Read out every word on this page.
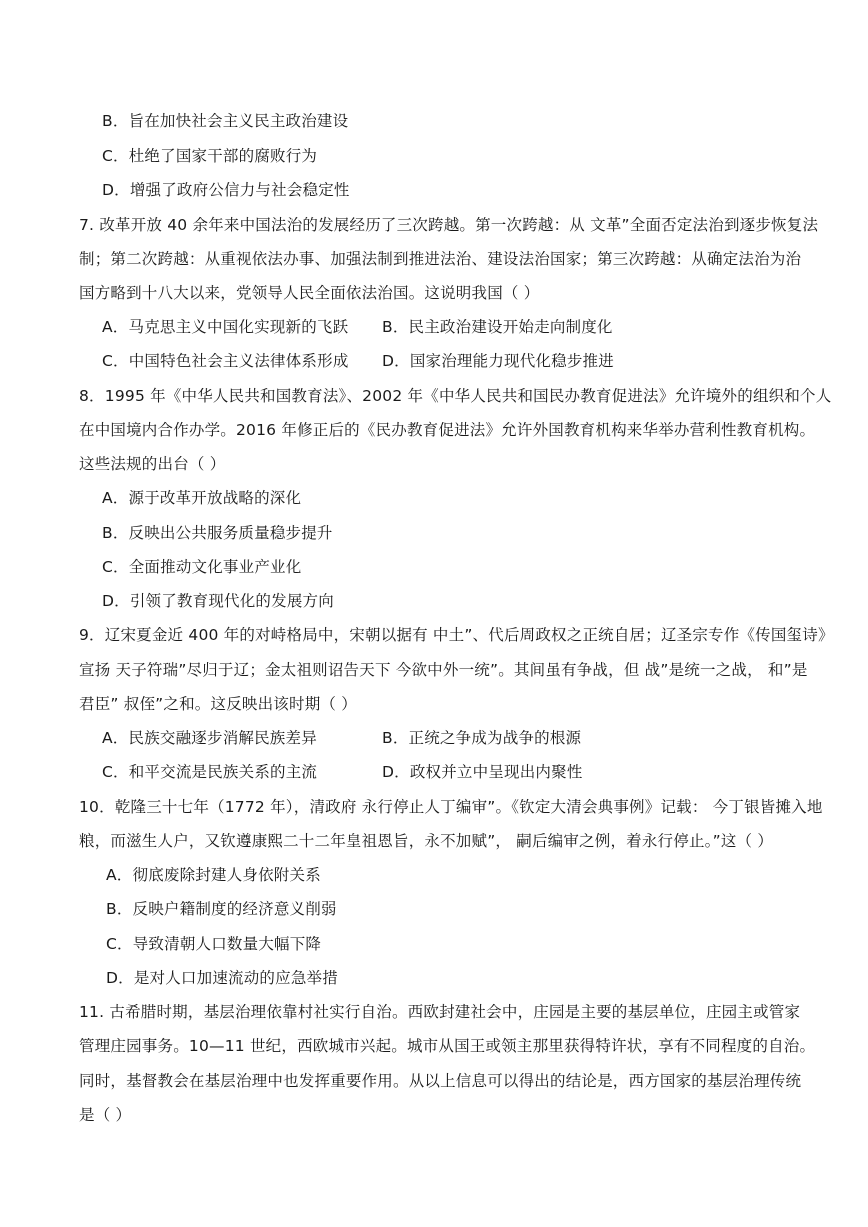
B．旨在加快社会主义民主政治建设
C．杜绝了国家干部的腐败行为
D．增强了政府公信力与社会稳定性
7. 改革开放 40 余年来中国法治的发展经历了三次跨越。第一次跨越：从 文革”全面否定法治到逐步恢复法
制；第二次跨越：从重视依法办事、加强法制到推进法治、建设法治国家；第三次跨越：从确定法治为治
国方略到十八大以来，党领导人民全面依法治国。这说明我国（ ）
A．马克思主义中国化实现新的飞跃 B．民主政治建设开始走向制度化
C．中国特色社会主义法律体系形成 D．国家治理能力现代化稳步推进
8．1995 年《中华人民共和国教育法》、2002 年《中华人民共和国民办教育促进法》允许境外的组织和个人
在中国境内合作办学。2016 年修正后的《民办教育促进法》允许外国教育机构来华举办营利性教育机构。
这些法规的出台（ ）
A．源于改革开放战略的深化
B．反映出公共服务质量稳步提升
C．全面推动文化事业产业化
D．引领了教育现代化的发展方向
9．辽宋夏金近 400 年的对峙格局中，宋朝以据有 中土”、代后周政权之正统自居；辽圣宗专作《传国玺诗》
宣扬 天子符瑞”尽归于辽；金太祖则诏告天下 今欲中外一统”。其间虽有争战，但 战”是统一之战， 和”是
君臣” 叔侄”之和。这反映出该时期（ ）
A．民族交融逐步消解民族差异	B．正统之争成为战争的根源
C．和平交流是民族关系的主流	D．政权并立中呈现出内聚性
10．乾隆三十七年（1772 年），清政府 永行停止人丁编审”。《钦定大清会典事例》记载： 今丁银皆摊入地
粮，而滋生人户，又钦遵康熙二十二年皇祖恩旨，永不加赋”， 嗣后编审之例，着永行停止。”这（ ）
A．彻底废除封建人身依附关系
B．反映户籍制度的经济意义削弱
C．导致清朝人口数量大幅下降
D．是对人口加速流动的应急举措
11. 古希腊时期，基层治理依靠村社实行自治。西欧封建社会中，庄园是主要的基层单位，庄园主或管家
管理庄园事务。10—11 世纪，西欧城市兴起。城市从国王或领主那里获得特许状，享有不同程度的自治。
同时，基督教会在基层治理中也发挥重要作用。从以上信息可以得出的结论是，西方国家的基层治理传统
是（ ）
